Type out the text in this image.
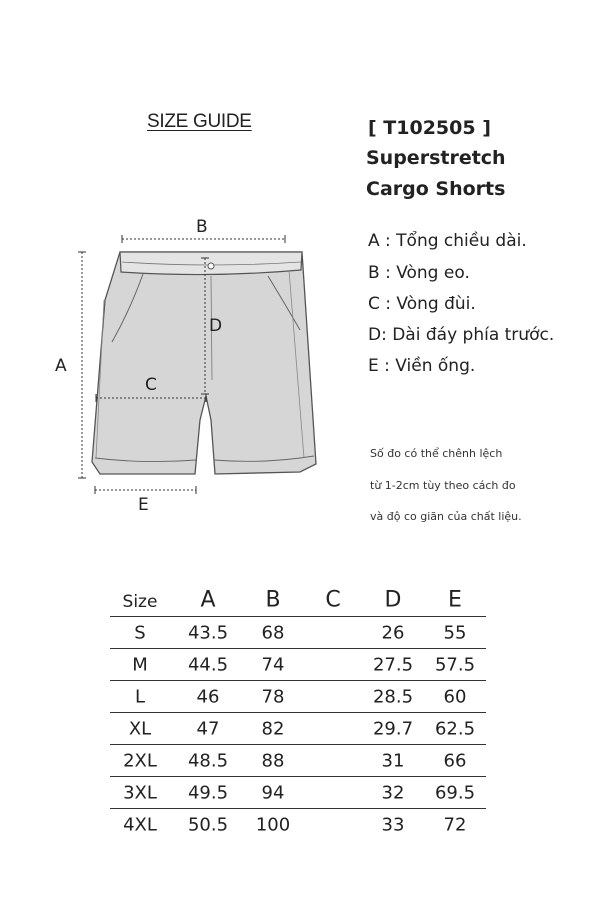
SIZE GUIDE	[ T102505 ]
Superstretch
Cargo Shorts
A
B
C
D
E
A : Tổng chiều dài.
B : Vòng eo.
C : Vòng đùi.
D: Dài đáy phía trước.
E : Viền ống.
Số đo có thể chênh lệch
từ 1-2cm tùy theo cách đo
và độ co giãn của chất liệu.
Size A B C D E
S 43.5 68	26 55
M 44.5 74	27.5 57.5
L	46 78	28.5 60
XL	47 82	29.7 62.5
2XL 48.5 88	31 66
3XL 49.5 94	32 69.5
4XL 50.5 100	33 72
